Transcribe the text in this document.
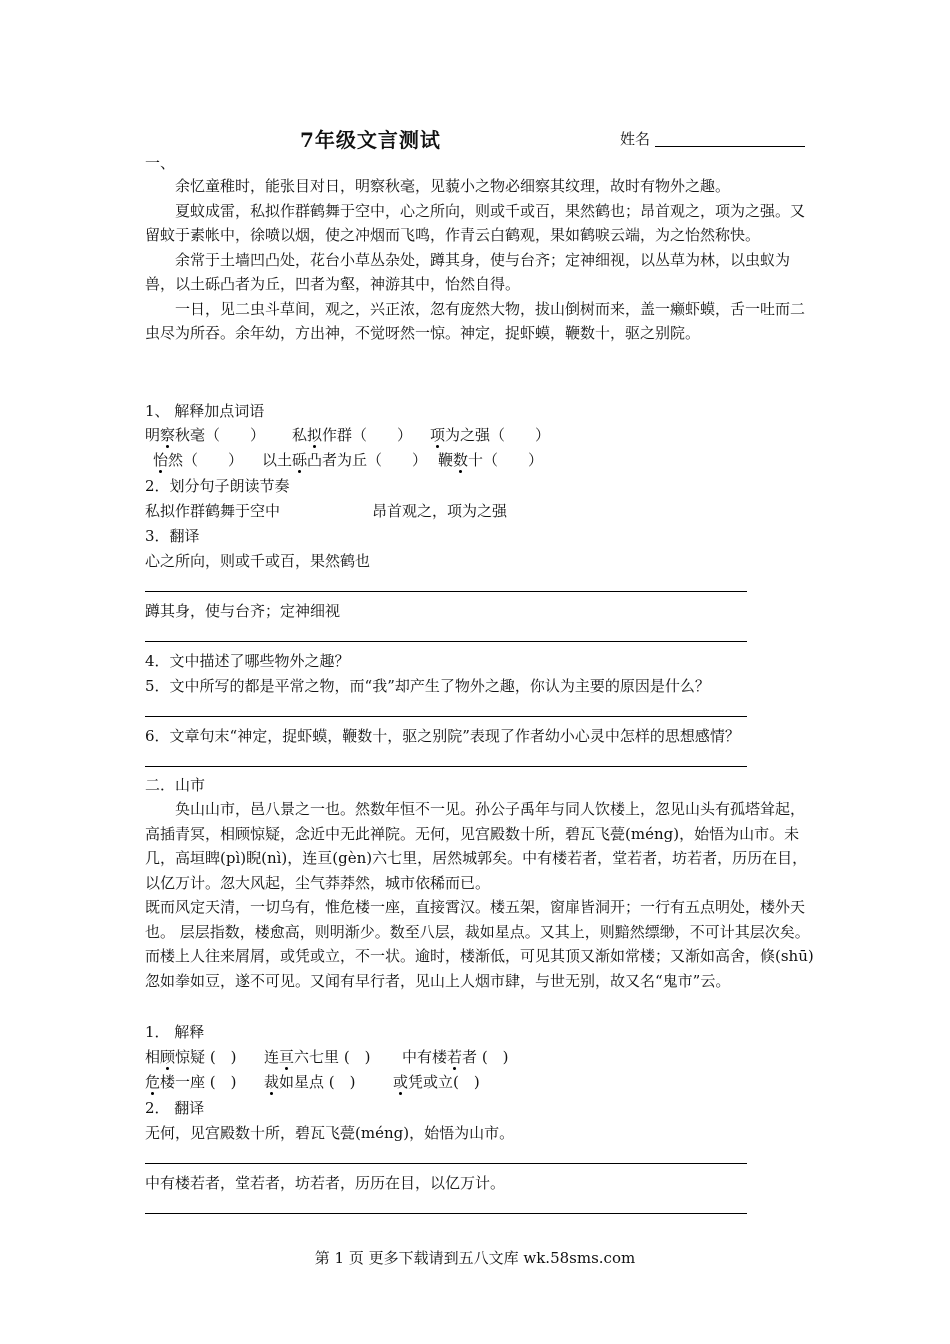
7年级文言测试	姓名
一、

余忆童稚时，能张目对日，明察秋毫，见藐小之物必细察其纹理，故时有物外之趣。

夏蚊成雷，私拟作群鹤舞于空中，心之所向，则或千或百，果然鹤也；昂首观之，项为之强。又留蚊于素帐中，徐喷以烟，使之冲烟而飞鸣，作青云白鹤观，果如鹤唳云端，为之怡然称快。

余常于土墙凹凸处，花台小草丛杂处，蹲其身，使与台齐；定神细视，以丛草为林，以虫蚁为兽，以土砾凸者为丘，凹者为壑，神游其中，怡然自得。

一日，见二虫斗草间，观之，兴正浓，忽有庞然大物，拔山倒树而来，盖一癞虾蟆，舌一吐而二虫尽为所吞。余年幼，方出神，不觉呀然一惊。神定，捉虾蟆，鞭数十，驱之别院。

1、 解释加点词语
明察秋毫（　　） 私拟作群（　　） 项为之强（　　）
怡然（　　） 以土砾凸者为丘（　　） 鞭数十（　　）
2．划分句子朗读节奏
私拟作群鹤舞于空中	昂首观之，项为之强
3．翻译
心之所向，则或千或百，果然鹤也
蹲其身，使与台齐；定神细视
4．文中描述了哪些物外之趣？
5．文中所写的都是平常之物，而“我”却产生了物外之趣，你认为主要的原因是什么？
6．文章句末“神定，捉虾蟆，鞭数十，驱之别院”表现了作者幼小心灵中怎样的思想感情？
二．山市

奂山山市，邑八景之一也。然数年恒不一见。孙公子禹年与同人饮楼上，忽见山头有孤塔耸起，高插青冥，相顾惊疑，念近中无此禅院。无何，见宫殿数十所，碧瓦飞甍(méng)，始悟为山市。未几，高垣睥(pì)睨(nì)，连亘(gèn)六七里，居然城郭矣。中有楼若者，堂若者，坊若者，历历在目，以亿万计。忽大风起，尘气莽莽然，城市依稀而已。

既而风定天清，一切乌有，惟危楼一座，直接霄汉。楼五架，窗扉皆洞开；一行有五点明处，楼外天也。 层层指数，楼愈高，则明渐少。数至八层，裁如星点。又其上，则黯然缥缈，不可计其层次矣。而楼上人往来屑屑，或凭或立，不一状。逾时，楼渐低，可见其顶又渐如常楼；又渐如高舍，倏(shū)忽如拳如豆，遂不可见。又闻有早行者，见山上人烟市肆，与世无别，故又名“鬼市”云。

1． 解释
相顾惊疑 (　) 连亘六七里 (　) 中有楼若者 (　)
危楼一座 (　) 裁如星点 (　) 或凭或立(　)
2． 翻译
无何，见宫殿数十所，碧瓦飞甍(méng)，始悟为山市。
中有楼若者，堂若者，坊若者，历历在目，以亿万计。
第 1 页 更多下载请到五八文库 wk.58sms.com
